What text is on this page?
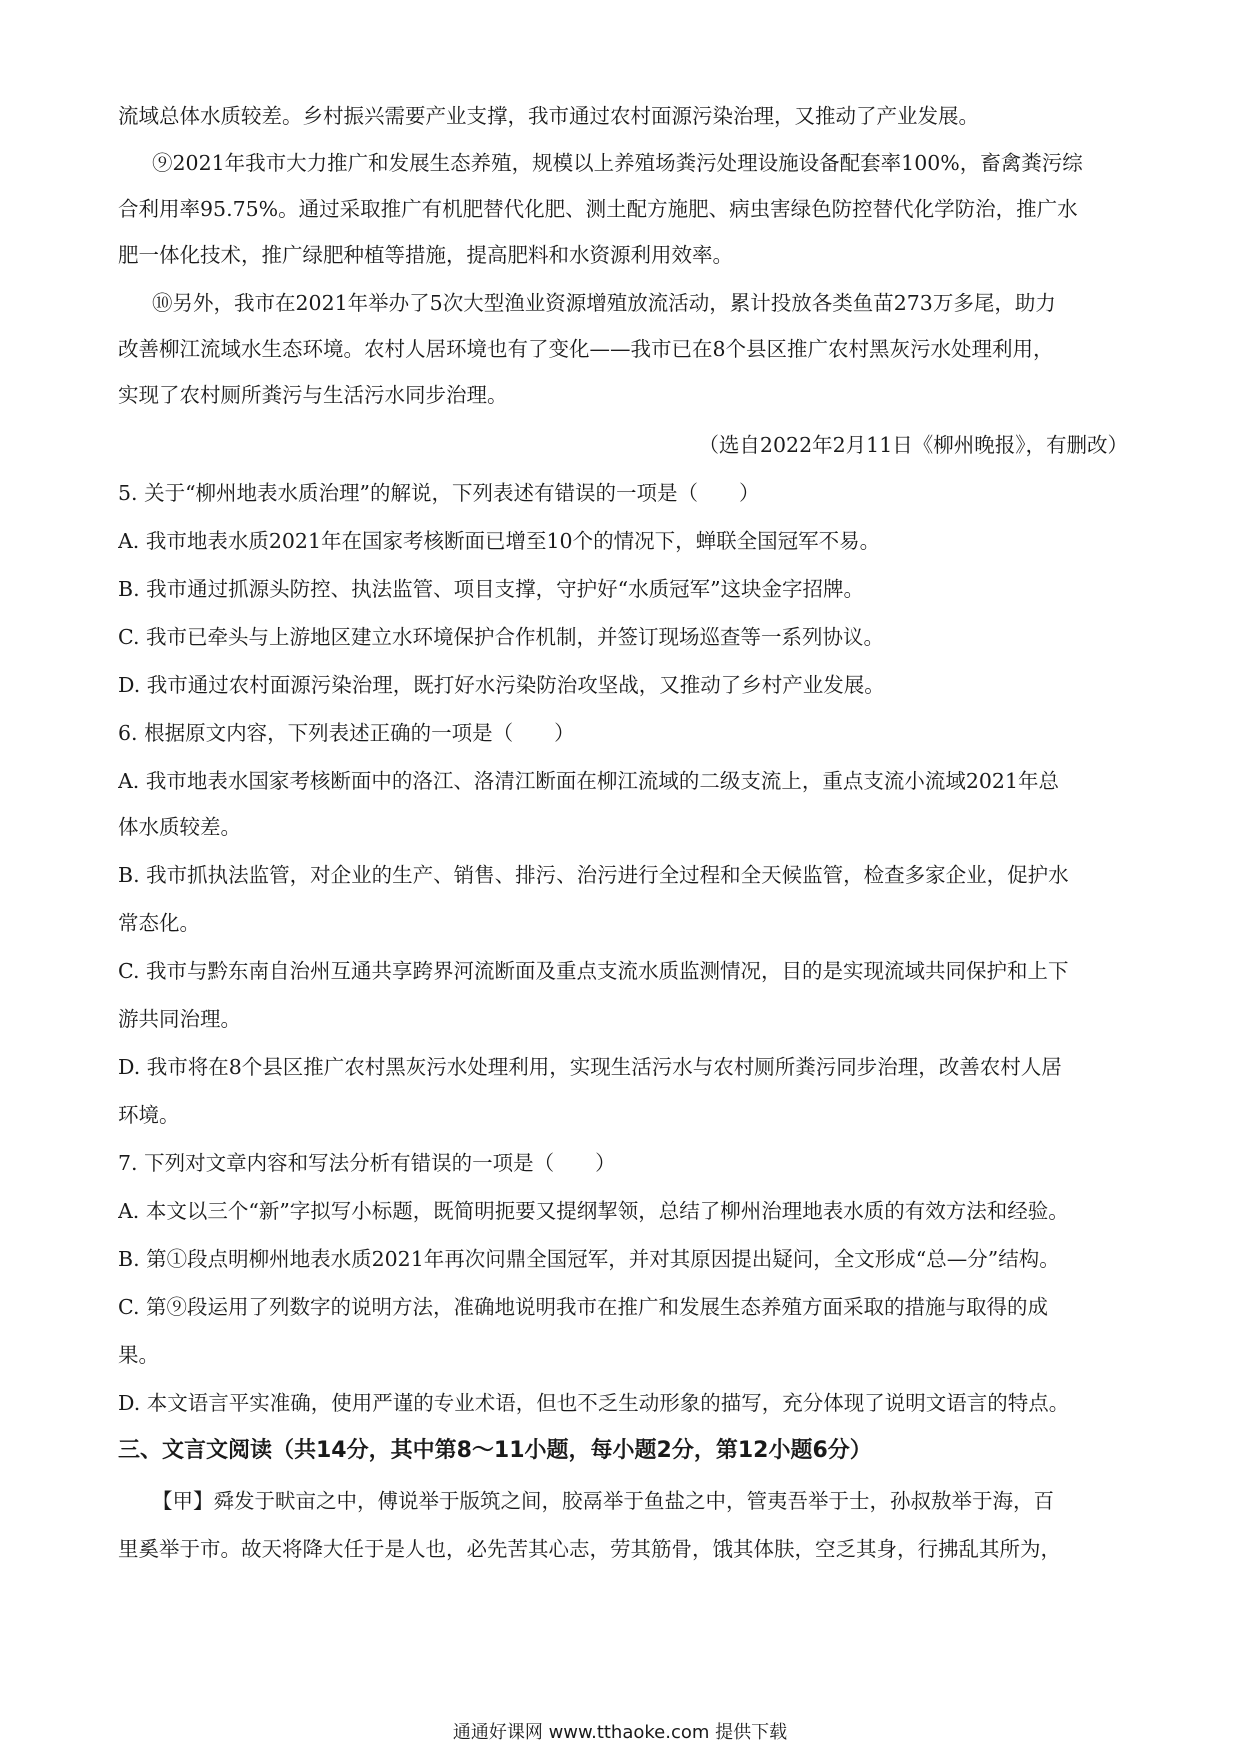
流域总体水质较差。乡村振兴需要产业支撑，我市通过农村面源污染治理，又推动了产业发展。
⑨2021年我市大力推广和发展生态养殖，规模以上养殖场粪污处理设施设备配套率100%，畜禽粪污综
合利用率95.75%。通过采取推广有机肥替代化肥、测土配方施肥、病虫害绿色防控替代化学防治，推广水
肥一体化技术，推广绿肥种植等措施，提高肥料和水资源利用效率。
⑩另外，我市在2021年举办了5次大型渔业资源增殖放流活动，累计投放各类鱼苗273万多尾，助力
改善柳江流域水生态环境。农村人居环境也有了变化——我市已在8个县区推广农村黑灰污水处理利用，
实现了农村厕所粪污与生活污水同步治理。
（选自2022年2月11日《柳州晚报》，有删改）
5. 关于“柳州地表水质治理”的解说，下列表述有错误的一项是（　　）
A. 我市地表水质2021年在国家考核断面已增至10个的情况下，蝉联全国冠军不易。
B. 我市通过抓源头防控、执法监管、项目支撑，守护好“水质冠军”这块金字招牌。
C. 我市已牵头与上游地区建立水环境保护合作机制，并签订现场巡查等一系列协议。
D. 我市通过农村面源污染治理，既打好水污染防治攻坚战，又推动了乡村产业发展。
6. 根据原文内容，下列表述正确的一项是（　　）
A. 我市地表水国家考核断面中的洛江、洛清江断面在柳江流域的二级支流上，重点支流小流域2021年总
体水质较差。
B. 我市抓执法监管，对企业的生产、销售、排污、治污进行全过程和全天候监管，检查多家企业，促护水
常态化。
C. 我市与黔东南自治州互通共享跨界河流断面及重点支流水质监测情况，目的是实现流域共同保护和上下
游共同治理。
D. 我市将在8个县区推广农村黑灰污水处理利用，实现生活污水与农村厕所粪污同步治理，改善农村人居
环境。
7. 下列对文章内容和写法分析有错误的一项是（　　）
A. 本文以三个“新”字拟写小标题，既简明扼要又提纲挈领，总结了柳州治理地表水质的有效方法和经验。
B. 第①段点明柳州地表水质2021年再次问鼎全国冠军，并对其原因提出疑问，全文形成“总—分”结构。
C. 第⑨段运用了列数字的说明方法，准确地说明我市在推广和发展生态养殖方面采取的措施与取得的成
果。
D. 本文语言平实准确，使用严谨的专业术语，但也不乏生动形象的描写，充分体现了说明文语言的特点。
三、文言文阅读（共14分，其中第8～11小题，每小题2分，第12小题6分）
【甲】舜发于畎亩之中，傅说举于版筑之间，胶鬲举于鱼盐之中，管夷吾举于士，孙叔敖举于海，百
里奚举于市。故天将降大任于是人也，必先苦其心志，劳其筋骨，饿其体肤，空乏其身，行拂乱其所为，
通通好课网 www.tthaoke.com 提供下载
